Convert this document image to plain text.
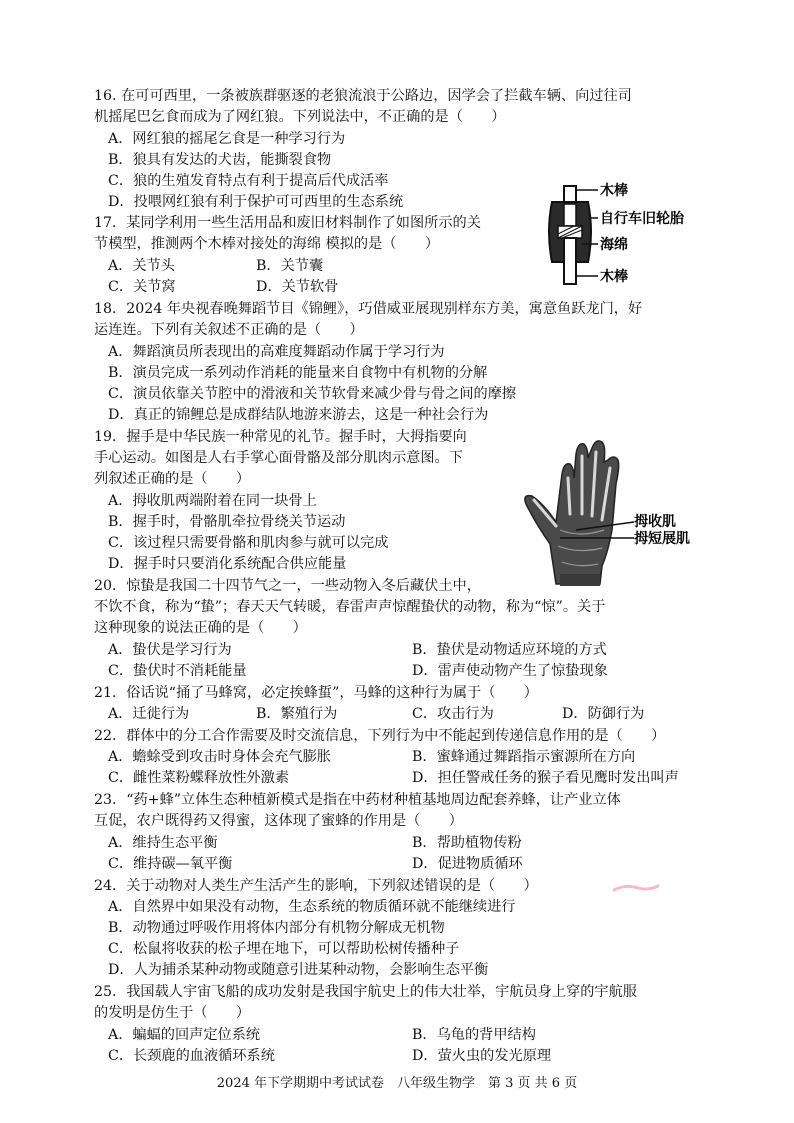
16. 在可可西里，一条被族群驱逐的老狼流浪于公路边，因学会了拦截车辆、向过往司
机摇尾巴乞食而成为了网红狼。下列说法中，不正确的是（　　）
A．网红狼的摇尾乞食是一种学习行为
B．狼具有发达的犬齿，能撕裂食物
C．狼的生殖发育特点有利于提高后代成活率
D．投喂网红狼有利于保护可可西里的生态系统
17．某同学利用一些生活用品和废旧材料制作了如图所示的关
节模型，推测两个木棒对接处的海绵 模拟的是（　　）
A．关节头	B．关节囊
C．关节窝	D．关节软骨
木棒
自行车旧轮胎
海绵
木棒
18．2024 年央视春晚舞蹈节目《锦鲤》，巧借威亚展现别样东方美，寓意鱼跃龙门，好
运连连。下列有关叙述不正确的是（　　）
A．舞蹈演员所表现出的高难度舞蹈动作属于学习行为
B．演员完成一系列动作消耗的能量来自食物中有机物的分解
C．演员依靠关节腔中的滑液和关节软骨来减少骨与骨之间的摩擦
D．真正的锦鲤总是成群结队地游来游去，这是一种社会行为
19．握手是中华民族一种常见的礼节。握手时，大拇指要向
手心运动。如图是人右手掌心面骨骼及部分肌肉示意图。下
列叙述正确的是（　　）
A．拇收肌两端附着在同一块骨上
B．握手时，骨骼肌牵拉骨绕关节运动
C．该过程只需要骨骼和肌肉参与就可以完成
D．握手时只要消化系统配合供应能量
拇收肌
拇短展肌
20．惊蛰是我国二十四节气之一，一些动物入冬后藏伏土中，
不饮不食，称为“蛰”；春天天气转暖，春雷声声惊醒蛰伏的动物，称为“惊”。关于
这种现象的说法正确的是（　　）
A．蛰伏是学习行为	B．蛰伏是动物适应环境的方式
C．蛰伏时不消耗能量	D．雷声使动物产生了惊蛰现象
21．俗话说“捅了马蜂窝，必定挨蜂蜇”，马蜂的这种行为属于（　　）
A．迁徙行为	B．繁殖行为	C．攻击行为	D．防御行为
22．群体中的分工合作需要及时交流信息，下列行为中不能起到传递信息作用的是（　　）
A．蟾蜍受到攻击时身体会充气膨胀	B．蜜蜂通过舞蹈指示蜜源所在方向
C．雌性菜粉蝶释放性外激素	D．担任警戒任务的猴子看见鹰时发出叫声
23．“药+蜂”立体生态种植新模式是指在中药材种植基地周边配套养蜂，让产业立体
互促，农户既得药又得蜜，这体现了蜜蜂的作用是（　　）
A．维持生态平衡	B．帮助植物传粉
C．维持碳—氧平衡	D．促进物质循环
24．关于动物对人类生产生活产生的影响，下列叙述错误的是（　　）
A．自然界中如果没有动物，生态系统的物质循环就不能继续进行
B．动物通过呼吸作用将体内部分有机物分解成无机物
C．松鼠将收获的松子埋在地下，可以帮助松树传播种子
D．人为捕杀某种动物或随意引进某种动物，会影响生态平衡
25．我国载人宇宙飞船的成功发射是我国宇航史上的伟大壮举，宇航员身上穿的宇航服
的发明是仿生于（　　）
A．蝙蝠的回声定位系统	B．乌龟的背甲结构
C．长颈鹿的血液循环系统	D．萤火虫的发光原理
2024 年下学期期中考试试卷　八年级生物学　第 3 页 共 6 页
